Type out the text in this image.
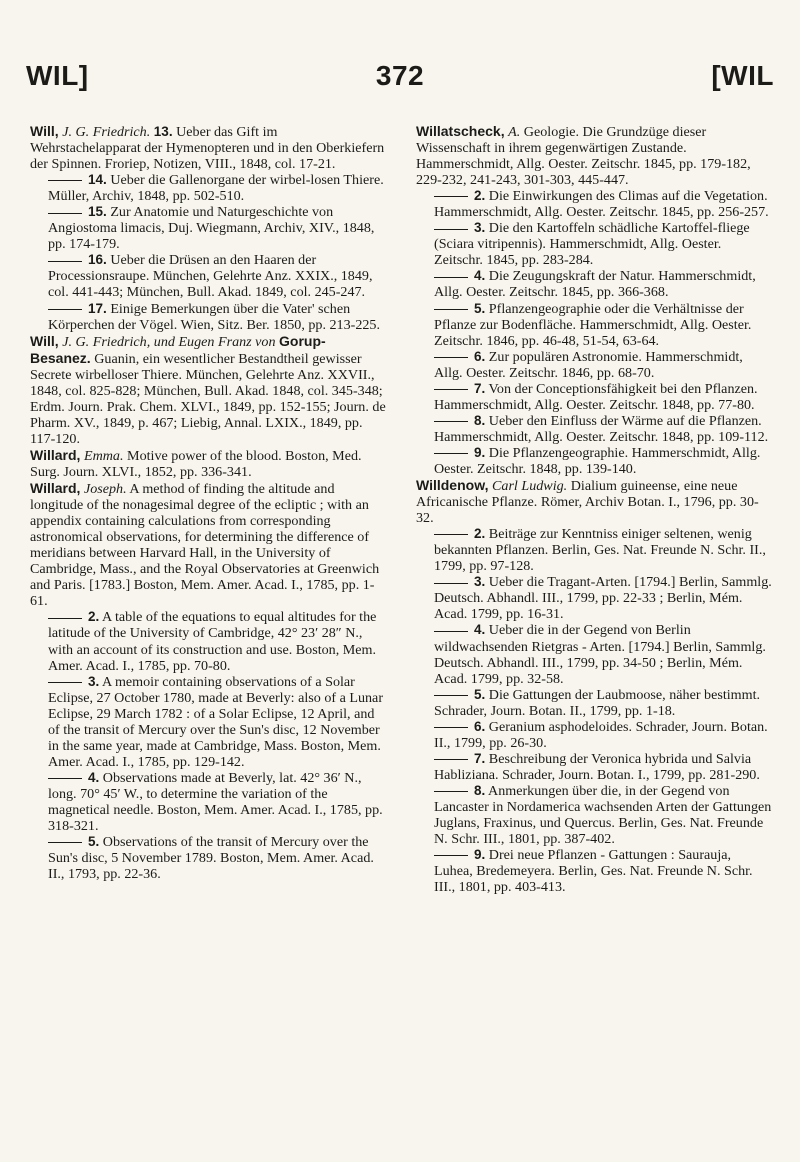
WIL]	372	[WIL

Will, J. G. Friedrich. 13. Ueber das Gift im Wehrstachelapparat der Hymenopteren und in den Oberkiefern der Spinnen. Froriep, Notizen, VIII., 1848, col. 17-21.

14. Ueber die Gallenorgane der wirbel-losen Thiere. Müller, Archiv, 1848, pp. 502-510.

15. Zur Anatomie und Naturgeschichte von Angiostoma limacis, Duj. Wiegmann, Archiv, XIV., 1848, pp. 174-179.

16. Ueber die Drüsen an den Haaren der Processionsraupe. München, Gelehrte Anz. XXIX., 1849, col. 441-443; München, Bull. Akad. 1849, col. 245-247.

17. Einige Bemerkungen über die Vater' schen Körperchen der Vögel. Wien, Sitz. Ber. 1850, pp. 213-225.

Will, J. G. Friedrich, und Eugen Franz von Gorup-Besanez. Guanin, ein wesentlicher Bestandtheil gewisser Secrete wirbelloser Thiere. München, Gelehrte Anz. XXVII., 1848, col. 825-828; München, Bull. Akad. 1848, col. 345-348; Erdm. Journ. Prak. Chem. XLVI., 1849, pp. 152-155; Journ. de Pharm. XV., 1849, p. 467; Liebig, Annal. LXIX., 1849, pp. 117-120.

Willard, Emma. Motive power of the blood. Boston, Med. Surg. Journ. XLVI., 1852, pp. 336-341.

Willard, Joseph. A method of finding the altitude and longitude of the nonagesimal degree of the ecliptic ; with an appendix containing calculations from corresponding astronomical observations, for determining the difference of meridians between Harvard Hall, in the University of Cambridge, Mass., and the Royal Observatories at Greenwich and Paris. [1783.] Boston, Mem. Amer. Acad. I., 1785, pp. 1-61.

2. A table of the equations to equal altitudes for the latitude of the University of Cambridge, 42° 23′ 28″ N., with an account of its construction and use. Boston, Mem. Amer. Acad. I., 1785, pp. 70-80.

3. A memoir containing observations of a Solar Eclipse, 27 October 1780, made at Beverly: also of a Lunar Eclipse, 29 March 1782 : of a Solar Eclipse, 12 April, and of the transit of Mercury over the Sun's disc, 12 November in the same year, made at Cambridge, Mass. Boston, Mem. Amer. Acad. I., 1785, pp. 129-142.

4. Observations made at Beverly, lat. 42° 36′ N., long. 70° 45′ W., to determine the variation of the magnetical needle. Boston, Mem. Amer. Acad. I., 1785, pp. 318-321.

5. Observations of the transit of Mercury over the Sun's disc, 5 November 1789. Boston, Mem. Amer. Acad. II., 1793, pp. 22-36.

Willatscheck, A. Geologie. Die Grundzüge dieser Wissenschaft in ihrem gegenwärtigen Zustande. Hammerschmidt, Allg. Oester. Zeitschr. 1845, pp. 179-182, 229-232, 241-243, 301-303, 445-447.

2. Die Einwirkungen des Climas auf die Vegetation. Hammerschmidt, Allg. Oester. Zeitschr. 1845, pp. 256-257.

3. Die den Kartoffeln schädliche Kartoffel-fliege (Sciara vitripennis). Hammerschmidt, Allg. Oester. Zeitschr. 1845, pp. 283-284.

4. Die Zeugungskraft der Natur. Hammerschmidt, Allg. Oester. Zeitschr. 1845, pp. 366-368.

5. Pflanzengeographie oder die Verhältnisse der Pflanze zur Bodenfläche. Hammerschmidt, Allg. Oester. Zeitschr. 1846, pp. 46-48, 51-54, 63-64.

6. Zur populären Astronomie. Hammerschmidt, Allg. Oester. Zeitschr. 1846, pp. 68-70.

7. Von der Conceptionsfähigkeit bei den Pflanzen. Hammerschmidt, Allg. Oester. Zeitschr. 1848, pp. 77-80.

8. Ueber den Einfluss der Wärme auf die Pflanzen. Hammerschmidt, Allg. Oester. Zeitschr. 1848, pp. 109-112.

9. Die Pflanzengeographie. Hammerschmidt, Allg. Oester. Zeitschr. 1848, pp. 139-140.

Willdenow, Carl Ludwig. Dialium guineense, eine neue Africanische Pflanze. Römer, Archiv Botan. I., 1796, pp. 30-32.

2. Beiträge zur Kenntniss einiger seltenen, wenig bekannten Pflanzen. Berlin, Ges. Nat. Freunde N. Schr. II., 1799, pp. 97-128.

3. Ueber die Tragant-Arten. [1794.] Berlin, Sammlg. Deutsch. Abhandl. III., 1799, pp. 22-33 ; Berlin, Mém. Acad. 1799, pp. 16-31.

4. Ueber die in der Gegend von Berlin wildwachsenden Rietgras - Arten. [1794.] Berlin, Sammlg. Deutsch. Abhandl. III., 1799, pp. 34-50 ; Berlin, Mém. Acad. 1799, pp. 32-58.

5. Die Gattungen der Laubmoose, näher bestimmt. Schrader, Journ. Botan. II., 1799, pp. 1-18.

6. Geranium asphodeloides. Schrader, Journ. Botan. II., 1799, pp. 26-30.

7. Beschreibung der Veronica hybrida und Salvia Habliziana. Schrader, Journ. Botan. I., 1799, pp. 281-290.

8. Anmerkungen über die, in der Gegend von Lancaster in Nordamerica wachsenden Arten der Gattungen Juglans, Fraxinus, und Quercus. Berlin, Ges. Nat. Freunde N. Schr. III., 1801, pp. 387-402.

9. Drei neue Pflanzen - Gattungen : Saurauja, Luhea, Bredemeyera. Berlin, Ges. Nat. Freunde N. Schr. III., 1801, pp. 403-413.
